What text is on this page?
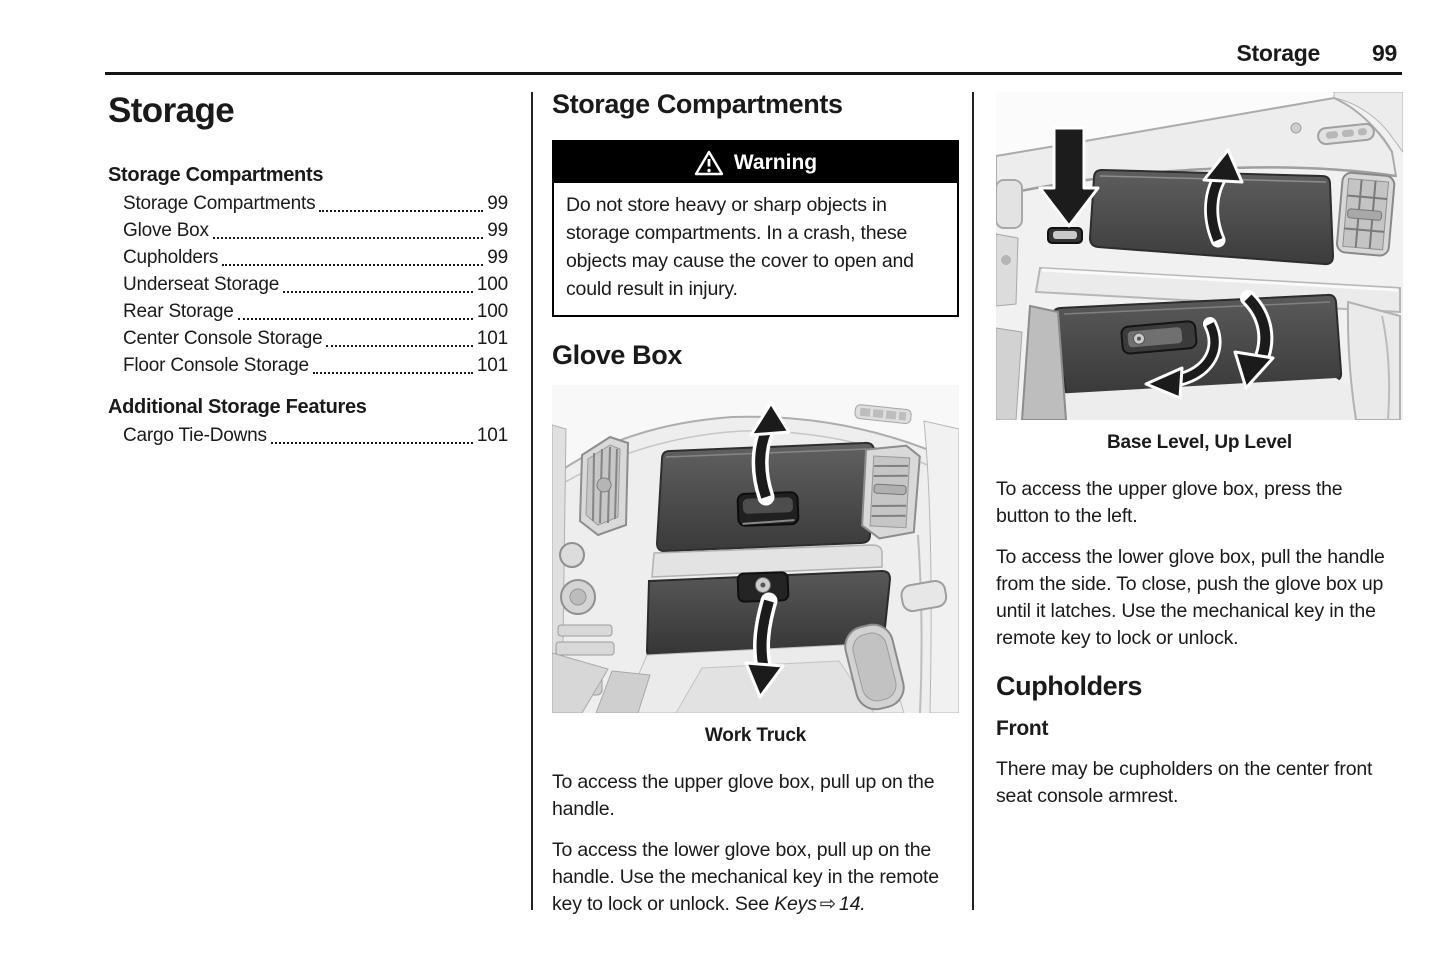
Storage 99
Storage
Storage Compartments
Storage Compartments	99
Glove Box	99
Cupholders	99
Underseat Storage	100
Rear Storage	100
Center Console Storage	101
Floor Console Storage	101
Additional Storage Features
Cargo Tie-Downs	101
Storage Compartments
Warning

Do not store heavy or sharp objects in storage compartments. In a crash, these objects may cause the cover to open and could result in injury.

Glove Box
Work Truck

To access the upper glove box, pull up on the handle.

To access the lower glove box, pull up on the handle. Use the mechanical key in the remote key to lock or unlock. See Keys ⇨ 14.

Base Level, Up Level

To access the upper glove box, press the button to the left.

To access the lower glove box, pull the handle from the side. To close, push the glove box up until it latches. Use the mechanical key in the remote key to lock or unlock.

Cupholders
Front

There may be cupholders on the center front seat console armrest.
